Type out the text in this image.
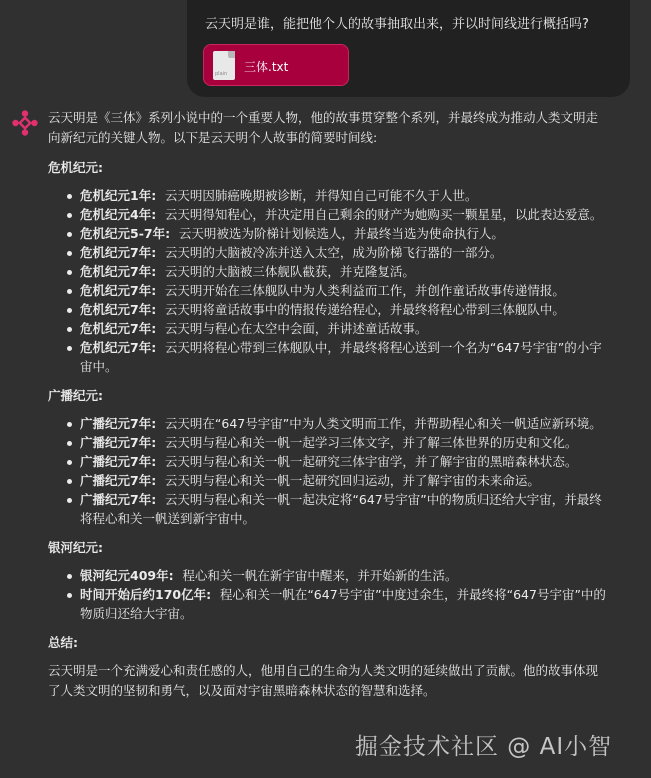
云天明是谁，能把他个人的故事抽取出来，并以时间线进行概括吗?
plain 三体.txt

云天明是《三体》系列小说中的一个重要人物，他的故事贯穿整个系列，并最终成为推动人类文明走向新纪元的关键人物。以下是云天明个人故事的简要时间线:

危机纪元:
危机纪元1年: 云天明因肺癌晚期被诊断，并得知自己可能不久于人世。
危机纪元4年: 云天明得知程心，并决定用自己剩余的财产为她购买一颗星星，以此表达爱意。
危机纪元5-7年: 云天明被选为阶梯计划候选人，并最终当选为使命执行人。
危机纪元7年: 云天明的大脑被冷冻并送入太空，成为阶梯飞行器的一部分。
危机纪元7年: 云天明的大脑被三体舰队截获，并克隆复活。
危机纪元7年: 云天明开始在三体舰队中为人类利益而工作，并创作童话故事传递情报。
危机纪元7年: 云天明将童话故事中的情报传递给程心，并最终将程心带到三体舰队中。
危机纪元7年: 云天明与程心在太空中会面，并讲述童话故事。
危机纪元7年: 云天明将程心带到三体舰队中，并最终将程心送到一个名为“647号宇宙”的小宇宙中。
广播纪元:
广播纪元7年: 云天明在“647号宇宙”中为人类文明而工作，并帮助程心和关一帆适应新环境。
广播纪元7年: 云天明与程心和关一帆一起学习三体文字，并了解三体世界的历史和文化。
广播纪元7年: 云天明与程心和关一帆一起研究三体宇宙学，并了解宇宙的黑暗森林状态。
广播纪元7年: 云天明与程心和关一帆一起研究回归运动，并了解宇宙的未来命运。
广播纪元7年: 云天明与程心和关一帆一起决定将“647号宇宙”中的物质归还给大宇宙，并最终将程心和关一帆送到新宇宙中。
银河纪元:
银河纪元409年: 程心和关一帆在新宇宙中醒来，并开始新的生活。
时间开始后约170亿年: 程心和关一帆在“647号宇宙”中度过余生，并最终将“647号宇宙”中的物质归还给大宇宙。
总结:

云天明是一个充满爱心和责任感的人，他用自己的生命为人类文明的延续做出了贡献。他的故事体现了人类文明的坚韧和勇气，以及面对宇宙黑暗森林状态的智慧和选择。

掘金技术社区 @ AI小智
